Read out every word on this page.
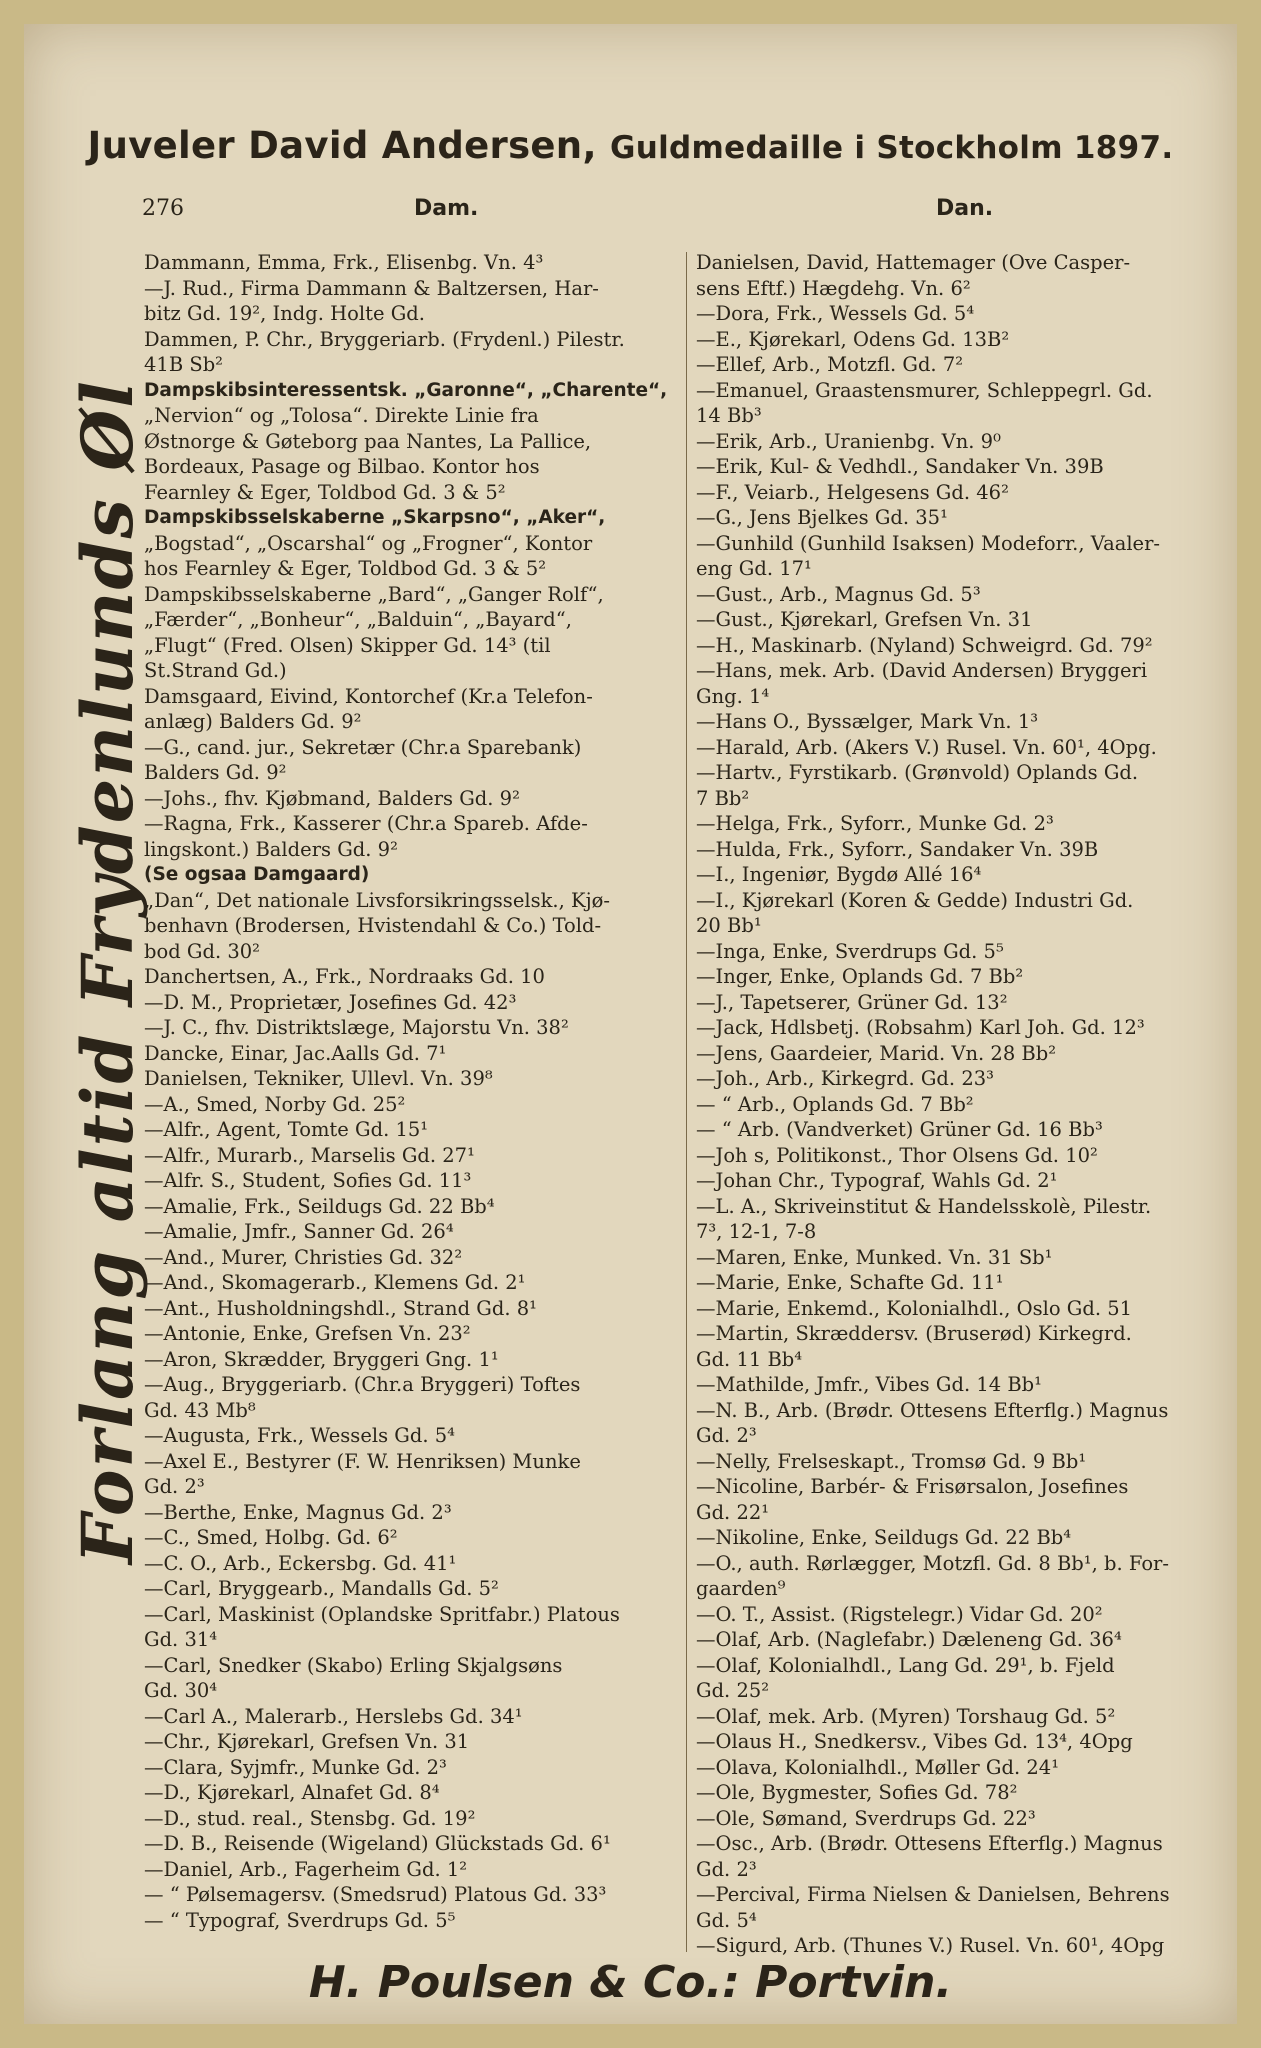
Juveler David Andersen, Guldmedaille i Stockholm 1897.
276	Dam.	Dan.
Dammann, Emma, Frk., Elisenbg. Vn. 4³
—J. Rud., Firma Dammann & Baltzersen, Har-
bitz Gd. 19², Indg. Holte Gd.
Dammen, P. Chr., Bryggeriarb. (Frydenl.) Pilestr.
41B Sb²
Dampskibsinteressentsk. „Garonne“, „Charente“,
„Nervion“ og „Tolosa“. Direkte Linie fra
Østnorge & Gøteborg paa Nantes, La Pallice,
Bordeaux, Pasage og Bilbao. Kontor hos
Fearnley & Eger, Toldbod Gd. 3 & 5²
Dampskibsselskaberne „Skarpsno“, „Aker“,
„Bogstad“, „Oscarshal“ og „Frogner“, Kontor
hos Fearnley & Eger, Toldbod Gd. 3 & 5²
Dampskibsselskaberne „Bard“, „Ganger Rolf“,
„Færder“, „Bonheur“, „Balduin“, „Bayard“,
„Flugt“ (Fred. Olsen) Skipper Gd. 14³ (til
St.Strand Gd.)
Damsgaard, Eivind, Kontorchef (Kr.a Telefon-
anlæg) Balders Gd. 9²
—G., cand. jur., Sekretær (Chr.a Sparebank)
Balders Gd. 9²
—Johs., fhv. Kjøbmand, Balders Gd. 9²
—Ragna, Frk., Kasserer (Chr.a Spareb. Afde-
lingskont.) Balders Gd. 9²
(Se ogsaa Damgaard)
„Dan“, Det nationale Livsforsikringsselsk., Kjø-
benhavn (Brodersen, Hvistendahl & Co.) Told-
bod Gd. 30²
Danchertsen, A., Frk., Nordraaks Gd. 10
—D. M., Proprietær, Josefines Gd. 42³
—J. C., fhv. Distriktslæge, Majorstu Vn. 38²
Dancke, Einar, Jac.Aalls Gd. 7¹
Danielsen, Tekniker, Ullevl. Vn. 39⁸
—A., Smed, Norby Gd. 25²
—Alfr., Agent, Tomte Gd. 15¹
—Alfr., Murarb., Marselis Gd. 27¹
—Alfr. S., Student, Sofies Gd. 11³
—Amalie, Frk., Seildugs Gd. 22 Bb⁴
—Amalie, Jmfr., Sanner Gd. 26⁴
—And., Murer, Christies Gd. 32²
—And., Skomagerarb., Klemens Gd. 2¹
—Ant., Husholdningshdl., Strand Gd. 8¹
—Antonie, Enke, Grefsen Vn. 23²
—Aron, Skrædder, Bryggeri Gng. 1¹
—Aug., Bryggeriarb. (Chr.a Bryggeri) Toftes
Gd. 43 Mb⁸
—Augusta, Frk., Wessels Gd. 5⁴
—Axel E., Bestyrer (F. W. Henriksen) Munke
Gd. 2³
—Berthe, Enke, Magnus Gd. 2³
—C., Smed, Holbg. Gd. 6²
—C. O., Arb., Eckersbg. Gd. 41¹
—Carl, Bryggearb., Mandalls Gd. 5²
—Carl, Maskinist (Oplandske Spritfabr.) Platous
Gd. 31⁴
—Carl, Snedker (Skabo) Erling Skjalgsøns
Gd. 30⁴
—Carl A., Malerarb., Herslebs Gd. 34¹
—Chr., Kjørekarl, Grefsen Vn. 31
—Clara, Syjmfr., Munke Gd. 2³
—D., Kjørekarl, Alnafet Gd. 8⁴
—D., stud. real., Stensbg. Gd. 19²
—D. B., Reisende (Wigeland) Glückstads Gd. 6¹
—Daniel, Arb., Fagerheim Gd. 1²
— “ Pølsemagersv. (Smedsrud) Platous Gd. 33³
— “ Typograf, Sverdrups Gd. 5⁵
Danielsen, David, Hattemager (Ove Casper-
sens Eftf.) Hægdehg. Vn. 6²
—Dora, Frk., Wessels Gd. 5⁴
—E., Kjørekarl, Odens Gd. 13B²
—Ellef, Arb., Motzfl. Gd. 7²
—Emanuel, Graastensmurer, Schleppegrl. Gd.
14 Bb³
—Erik, Arb., Uranienbg. Vn. 9⁰
—Erik, Kul- & Vedhdl., Sandaker Vn. 39B
—F., Veiarb., Helgesens Gd. 46²
—G., Jens Bjelkes Gd. 35¹
—Gunhild (Gunhild Isaksen) Modeforr., Vaaler-
eng Gd. 17¹
—Gust., Arb., Magnus Gd. 5³
—Gust., Kjørekarl, Grefsen Vn. 31
—H., Maskinarb. (Nyland) Schweigrd. Gd. 79²
—Hans, mek. Arb. (David Andersen) Bryggeri
Gng. 1⁴
—Hans O., Byssælger, Mark Vn. 1³
—Harald, Arb. (Akers V.) Rusel. Vn. 60¹, 4Opg.
—Hartv., Fyrstikarb. (Grønvold) Oplands Gd.
7 Bb²
—Helga, Frk., Syforr., Munke Gd. 2³
—Hulda, Frk., Syforr., Sandaker Vn. 39B
—I., Ingeniør, Bygdø Allé 16⁴
—I., Kjørekarl (Koren & Gedde) Industri Gd.
20 Bb¹
—Inga, Enke, Sverdrups Gd. 5⁵
—Inger, Enke, Oplands Gd. 7 Bb²
—J., Tapetserer, Grüner Gd. 13²
—Jack, Hdlsbetj. (Robsahm) Karl Joh. Gd. 12³
—Jens, Gaardeier, Marid. Vn. 28 Bb²
—Joh., Arb., Kirkegrd. Gd. 23³
— “ Arb., Oplands Gd. 7 Bb²
— “ Arb. (Vandverket) Grüner Gd. 16 Bb³
—Joh s, Politikonst., Thor Olsens Gd. 10²
—Johan Chr., Typograf, Wahls Gd. 2¹
—L. A., Skriveinstitut & Handelsskolè, Pilestr.
7³, 12-1, 7-8
—Maren, Enke, Munked. Vn. 31 Sb¹
—Marie, Enke, Schafte Gd. 11¹
—Marie, Enkemd., Kolonialhdl., Oslo Gd. 51
—Martin, Skræddersv. (Bruserød) Kirkegrd.
Gd. 11 Bb⁴
—Mathilde, Jmfr., Vibes Gd. 14 Bb¹
—N. B., Arb. (Brødr. Ottesens Efterflg.) Magnus
Gd. 2³
—Nelly, Frelseskapt., Tromsø Gd. 9 Bb¹
—Nicoline, Barbér- & Frisørsalon, Josefines
Gd. 22¹
—Nikoline, Enke, Seildugs Gd. 22 Bb⁴
—O., auth. Rørlægger, Motzfl. Gd. 8 Bb¹, b. For-
gaarden⁹
—O. T., Assist. (Rigstelegr.) Vidar Gd. 20²
—Olaf, Arb. (Naglefabr.) Dæleneng Gd. 36⁴
—Olaf, Kolonialhdl., Lang Gd. 29¹, b. Fjeld
Gd. 25²
—Olaf, mek. Arb. (Myren) Torshaug Gd. 5²
—Olaus H., Snedkersv., Vibes Gd. 13⁴, 4Opg
—Olava, Kolonialhdl., Møller Gd. 24¹
—Ole, Bygmester, Sofies Gd. 78²
—Ole, Sømand, Sverdrups Gd. 22³
—Osc., Arb. (Brødr. Ottesens Efterflg.) Magnus
Gd. 2³
—Percival, Firma Nielsen & Danielsen, Behrens
Gd. 5⁴
—Sigurd, Arb. (Thunes V.) Rusel. Vn. 60¹, 4Opg
Forlang altid Frydenlunds Øl
H. Poulsen & Co.: Portvin.
